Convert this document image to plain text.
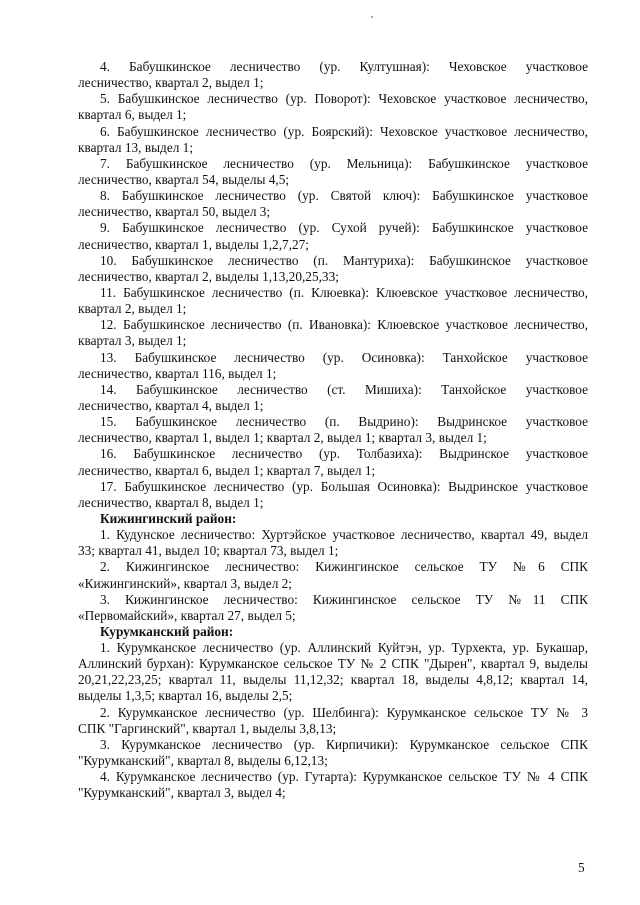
4. Бабушкинское лесничество (ур. Култушная): Чеховское участковое
лесничество, квартал 2, выдел 1;
5. Бабушкинское лесничество (ур. Поворот): Чеховское участковое лесничество,
квартал 6, выдел 1;
6. Бабушкинское лесничество (ур. Боярский): Чеховское участковое лесничество,
квартал 13, выдел 1;
7. Бабушкинское лесничество (ур. Мельница): Бабушкинское участковое
лесничество, квартал 54, выделы 4,5;
8. Бабушкинское лесничество (ур. Святой ключ): Бабушкинское участковое
лесничество, квартал 50, выдел 3;
9. Бабушкинское лесничество (ур. Сухой ручей): Бабушкинское участковое
лесничество, квартал 1, выделы 1,2,7,27;
10. Бабушкинское лесничество (п. Мантуриха): Бабушкинское участковое
лесничество, квартал 2, выделы 1,13,20,25,33;
11. Бабушкинское лесничество (п. Клюевка): Клюевское участковое лесничество,
квартал 2, выдел 1;
12. Бабушкинское лесничество (п. Ивановка): Клюевское участковое лесничество,
квартал 3, выдел 1;
13. Бабушкинское лесничество (ур. Осиновка): Танхойское участковое
лесничество, квартал 116, выдел 1;
14. Бабушкинское лесничество (ст. Мишиха): Танхойское участковое
лесничество, квартал 4, выдел 1;
15. Бабушкинское лесничество (п. Выдрино): Выдринское участковое
лесничество, квартал 1, выдел 1; квартал 2, выдел 1; квартал 3, выдел 1;
16. Бабушкинское лесничество (ур. Толбазиха): Выдринское участковое
лесничество, квартал 6, выдел 1; квартал 7, выдел 1;
17. Бабушкинское лесничество (ур. Большая Осиновка): Выдринское участковое
лесничество, квартал 8, выдел 1;
Кижингинский район:
1. Кудунское лесничество: Хуртэйское участковое лесничество, квартал 49, выдел
33; квартал 41, выдел 10; квартал 73, выдел 1;
2. Кижингинское лесничество: Кижингинское сельское ТУ №6 СПК
«Кижингинский», квартал 3, выдел 2;
3. Кижингинское лесничество: Кижингинское сельское ТУ №11 СПК
«Первомайский», квартал 27, выдел 5;
Курумканский район:
1. Курумканское лесничество (ур. Аллинский Куйтэн, ур. Турхекта, ур. Букашар,
Аллинский бурхан): Курумканское сельское ТУ № 2 СПК "Дырен", квартал 9, выделы
20,21,22,23,25; квартал 11, выделы 11,12,32; квартал 18, выделы 4,8,12; квартал 14,
выделы 1,3,5; квартал 16, выделы 2,5;
2. Курумканское лесничество (ур. Шелбинга): Курумканское сельское ТУ № 3
СПК "Гаргинский", квартал 1, выделы 3,8,13;
3. Курумканское лесничество (ур. Кирпичики): Курумканское сельское СПК
"Курумканский", квартал 8, выделы 6,12,13;
4. Курумканское лесничество (ур. Гутарта): Курумканское сельское ТУ № 4 СПК
"Курумканский", квартал 3, выдел 4;
5
